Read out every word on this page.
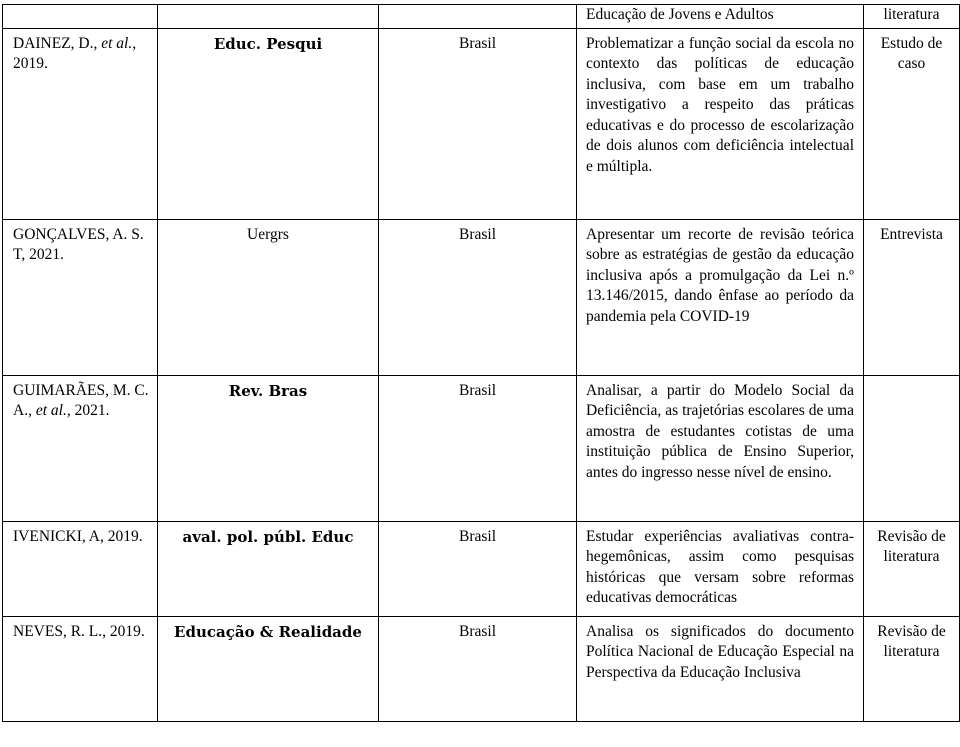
			Educação de Jovens e Adultos	literatura
DAINEZ, D., et al., 2019.	Educ. Pesqui	Brasil	Problematizar a função social da escola no contexto das políticas de educação inclusiva, com base em um trabalho investigativo a respeito das práticas educativas e do processo de escolarização de dois alunos com deficiência intelectual e múltipla.	Estudo de caso
GONÇALVES, A. S. T, 2021.	Uergrs	Brasil	Apresentar um recorte de revisão teórica sobre as estratégias de gestão da educação inclusiva após a promulgação da Lei n.º 13.146/2015, dando ênfase ao período da pandemia pela COVID-19	Entrevista
GUIMARÃES, M. C. A., et al., 2021.	Rev. Bras	Brasil	Analisar, a partir do Modelo Social da Deficiência, as trajetórias escolares de uma amostra de estudantes cotistas de uma instituição pública de Ensino Superior, antes do ingresso nesse nível de ensino.	
IVENICKI, A, 2019.	aval. pol. públ. Educ	Brasil	Estudar experiências avaliativas contra-hegemônicas, assim como pesquisas históricas que versam sobre reformas educativas democráticas	Revisão de literatura
NEVES, R. L., 2019.	Educação & Realidade	Brasil	Analisa os significados do documento Política Nacional de Educação Especial na Perspectiva da Educação Inclusiva	Revisão de literatura
